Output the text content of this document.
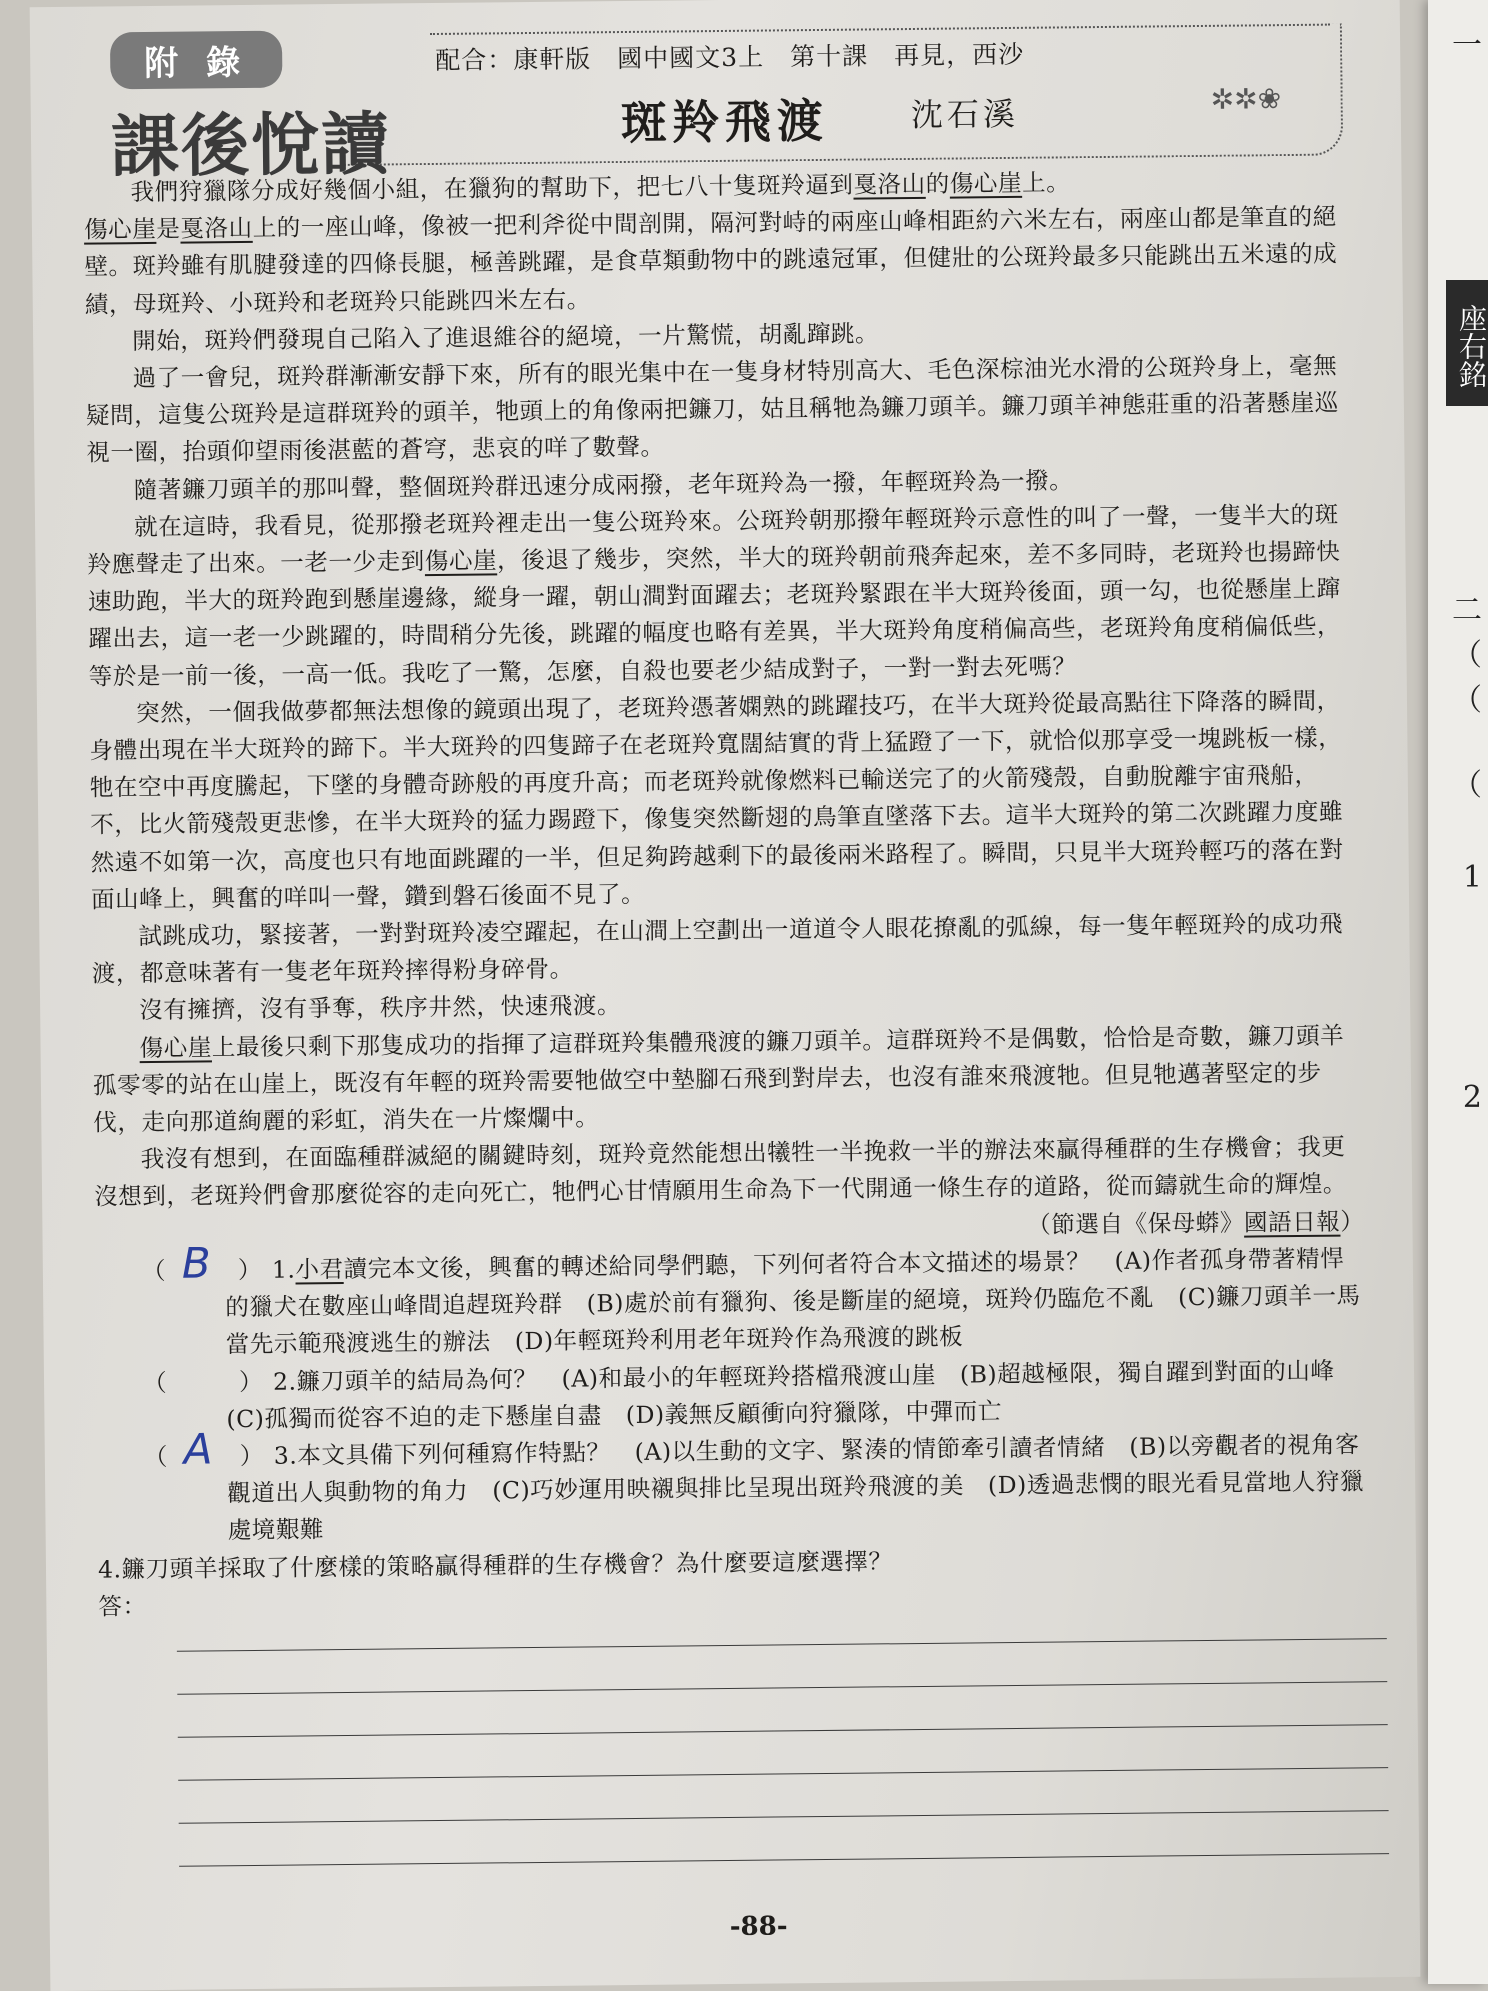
座右銘
一
二
（
（
（
1
2
附 錄
課後悅讀
配合：康軒版　國中國文3上　第十課　再見，西沙
斑羚飛渡	沈石溪	✲✲❀

我們狩獵隊分成好幾個小組，在獵狗的幫助下，把七八十隻斑羚逼到戛洛山的傷心崖上。
傷心崖是戛洛山上的一座山峰，像被一把利斧從中間剖開，隔河對峙的兩座山峰相距約六米左右，兩座山都是筆直的絕壁。斑羚雖有肌腱發達的四條長腿，極善跳躍，是食草類動物中的跳遠冠軍，但健壯的公斑羚最多只能跳出五米遠的成績，母斑羚、小斑羚和老斑羚只能跳四米左右。

開始，斑羚們發現自己陷入了進退維谷的絕境，一片驚慌，胡亂蹿跳。

過了一會兒，斑羚群漸漸安靜下來，所有的眼光集中在一隻身材特別高大、毛色深棕油光水滑的公斑羚身上，毫無疑問，這隻公斑羚是這群斑羚的頭羊，牠頭上的角像兩把鐮刀，姑且稱牠為鐮刀頭羊。鐮刀頭羊神態莊重的沿著懸崖巡視一圈，抬頭仰望雨後湛藍的蒼穹，悲哀的咩了數聲。

隨著鐮刀頭羊的那叫聲，整個斑羚群迅速分成兩撥，老年斑羚為一撥，年輕斑羚為一撥。

就在這時，我看見，從那撥老斑羚裡走出一隻公斑羚來。公斑羚朝那撥年輕斑羚示意性的叫了一聲，一隻半大的斑羚應聲走了出來。一老一少走到傷心崖，後退了幾步，突然，半大的斑羚朝前飛奔起來，差不多同時，老斑羚也揚蹄快速助跑，半大的斑羚跑到懸崖邊緣，縱身一躍，朝山澗對面躍去；老斑羚緊跟在半大斑羚後面，頭一勾，也從懸崖上蹿躍出去，這一老一少跳躍的，時間稍分先後，跳躍的幅度也略有差異，半大斑羚角度稍偏高些，老斑羚角度稍偏低些，等於是一前一後，一高一低。我吃了一驚，怎麼，自殺也要老少結成對子，一對一對去死嗎？

突然，一個我做夢都無法想像的鏡頭出現了，老斑羚憑著嫻熟的跳躍技巧，在半大斑羚從最高點往下降落的瞬間，身體出現在半大斑羚的蹄下。半大斑羚的四隻蹄子在老斑羚寬闊結實的背上猛蹬了一下，就恰似那享受一塊跳板一樣，牠在空中再度騰起，下墜的身體奇跡般的再度升高；而老斑羚就像燃料已輸送完了的火箭殘殼，自動脫離宇宙飛船，不，比火箭殘殼更悲慘，在半大斑羚的猛力踢蹬下，像隻突然斷翅的鳥筆直墜落下去。這半大斑羚的第二次跳躍力度雖然遠不如第一次，高度也只有地面跳躍的一半，但足夠跨越剩下的最後兩米路程了。瞬間，只見半大斑羚輕巧的落在對面山峰上，興奮的咩叫一聲，鑽到磐石後面不見了。

試跳成功，緊接著，一對對斑羚凌空躍起，在山澗上空劃出一道道令人眼花撩亂的弧線，每一隻年輕斑羚的成功飛渡，都意味著有一隻老年斑羚摔得粉身碎骨。

沒有擁擠，沒有爭奪，秩序井然，快速飛渡。

傷心崖上最後只剩下那隻成功的指揮了這群斑羚集體飛渡的鐮刀頭羊。這群斑羚不是偶數，恰恰是奇數，鐮刀頭羊孤零零的站在山崖上，既沒有年輕的斑羚需要牠做空中墊腳石飛到對岸去，也沒有誰來飛渡牠。但見牠邁著堅定的步伐，走向那道絢麗的彩虹，消失在一片燦爛中。

我沒有想到，在面臨種群滅絕的關鍵時刻，斑羚竟然能想出犧牲一半挽救一半的辦法來贏得種群的生存機會；我更沒想到，老斑羚們會那麼從容的走向死亡，牠們心甘情願用生命為下一代開通一條生存的道路，從而鑄就生命的輝煌。

（節選自《保母蟒》國語日報）

（ B	） 1.小君讀完本文後，興奮的轉述給同學們聽，下列何者符合本文描述的場景？　(A)作者孤身帶著精悍的獵犬在數座山峰間追趕斑羚群　(B)處於前有獵狗、後是斷崖的絕境，斑羚仍臨危不亂　(C)鐮刀頭羊一馬當先示範飛渡逃生的辦法　(D)年輕斑羚利用老年斑羚作為飛渡的跳板

（	） 2.鐮刀頭羊的結局為何？　(A)和最小的年輕斑羚搭檔飛渡山崖　(B)超越極限，獨自躍到對面的山峰　(C)孤獨而從容不迫的走下懸崖自盡　(D)義無反顧衝向狩獵隊，中彈而亡

（ A	） 3.本文具備下列何種寫作特點？　(A)以生動的文字、緊湊的情節牽引讀者情緒　(B)以旁觀者的視角客觀道出人與動物的角力　(C)巧妙運用映襯與排比呈現出斑羚飛渡的美　(D)透過悲憫的眼光看見當地人狩獵處境艱難

4.鐮刀頭羊採取了什麼樣的策略贏得種群的生存機會？為什麼要這麼選擇？

答：

-88-
